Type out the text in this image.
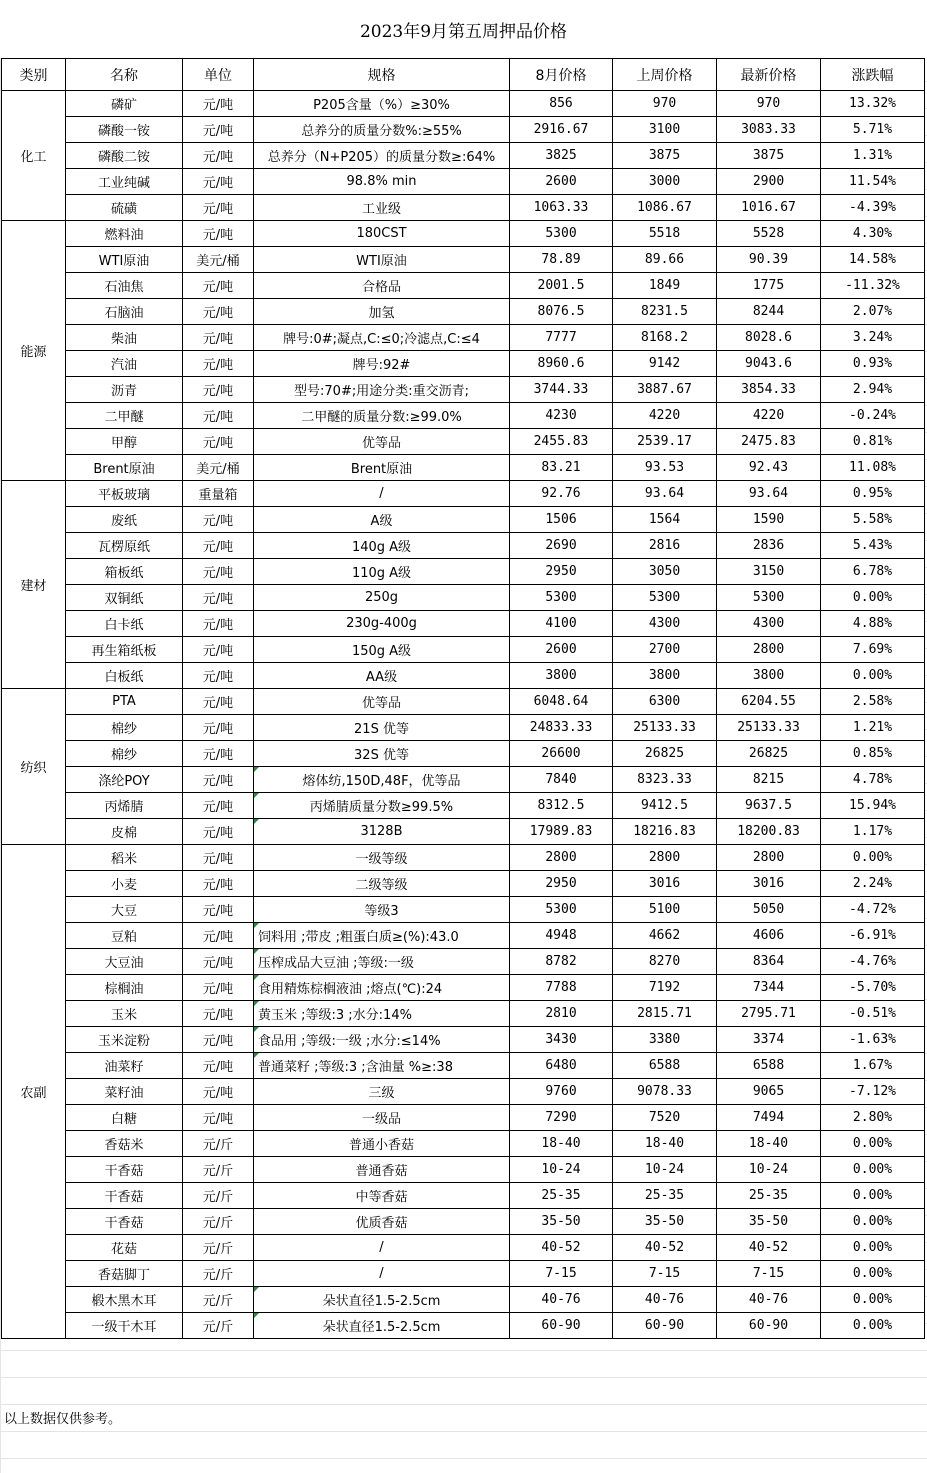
2023年9月第五周押品价格
类别	名称	单位	规格	8月价格	上周价格	最新价格	涨跌幅
化工	磷矿	元/吨	P205含量（%）≥30%	856	970	970	13.32%
	磷酸一铵	元/吨	总养分的质量分数%:≥55%	2916.67	3100	3083.33	5.71%
	磷酸二铵	元/吨	总养分（N+P205）的质量分数≥:64%	3825	3875	3875	1.31%
	工业纯碱	元/吨	98.8% min	2600	3000	2900	11.54%
	硫磺	元/吨	工业级	1063.33	1086.67	1016.67	-4.39%
能源	燃料油	元/吨	180CST	5300	5518	5528	4.30%
	WTI原油	美元/桶	WTI原油	78.89	89.66	90.39	14.58%
	石油焦	元/吨	合格品	2001.5	1849	1775	-11.32%
	石脑油	元/吨	加氢	8076.5	8231.5	8244	2.07%
	柴油	元/吨	牌号:0#;凝点,C:≤0;冷滤点,C:≤4	7777	8168.2	8028.6	3.24%
	汽油	元/吨	牌号:92#	8960.6	9142	9043.6	0.93%
	沥青	元/吨	型号:70#;用途分类:重交沥青;	3744.33	3887.67	3854.33	2.94%
	二甲醚	元/吨	二甲醚的质量分数:≥99.0%	4230	4220	4220	-0.24%
	甲醇	元/吨	优等品	2455.83	2539.17	2475.83	0.81%
	Brent原油	美元/桶	Brent原油	83.21	93.53	92.43	11.08%
建材	平板玻璃	重量箱	/	92.76	93.64	93.64	0.95%
	废纸	元/吨	A级	1506	1564	1590	5.58%
	瓦楞原纸	元/吨	140g A级	2690	2816	2836	5.43%
	箱板纸	元/吨	110g A级	2950	3050	3150	6.78%
	双铜纸	元/吨	250g	5300	5300	5300	0.00%
	白卡纸	元/吨	230g-400g	4100	4300	4300	4.88%
	再生箱纸板	元/吨	150g A级	2600	2700	2800	7.69%
	白板纸	元/吨	AA级	3800	3800	3800	0.00%
纺织	PTA	元/吨	优等品	6048.64	6300	6204.55	2.58%
	棉纱	元/吨	21S 优等	24833.33	25133.33	25133.33	1.21%
	棉纱	元/吨	32S 优等	26600	26825	26825	0.85%
	涤纶POY	元/吨	熔体纺,150D,48F，优等品	7840	8323.33	8215	4.78%
	丙烯腈	元/吨	丙烯腈质量分数≥99.5%	8312.5	9412.5	9637.5	15.94%
	皮棉	元/吨	3128B	17989.83	18216.83	18200.83	1.17%
农副	稻米	元/吨	一级等级	2800	2800	2800	0.00%
	小麦	元/吨	二级等级	2950	3016	3016	2.24%
	大豆	元/吨	等级3	5300	5100	5050	-4.72%
	豆粕	元/吨	饲料用 ;带皮 ;粗蛋白质≥(%):43.0	4948	4662	4606	-6.91%
	大豆油	元/吨	压榨成品大豆油 ;等级:一级	8782	8270	8364	-4.76%
	棕榈油	元/吨	食用精炼棕榈液油 ;熔点(℃):24	7788	7192	7344	-5.70%
	玉米	元/吨	黄玉米 ;等级:3 ;水分:14%	2810	2815.71	2795.71	-0.51%
	玉米淀粉	元/吨	食品用 ;等级:一级 ;水分:≤14%	3430	3380	3374	-1.63%
	油菜籽	元/吨	普通菜籽 ;等级:3 ;含油量 %≥:38	6480	6588	6588	1.67%
	菜籽油	元/吨	三级	9760	9078.33	9065	-7.12%
	白糖	元/吨	一级品	7290	7520	7494	2.80%
	香菇米	元/斤	普通小香菇	18-40	18-40	18-40	0.00%
	干香菇	元/斤	普通香菇	10-24	10-24	10-24	0.00%
	干香菇	元/斤	中等香菇	25-35	25-35	25-35	0.00%
	干香菇	元/斤	优质香菇	35-50	35-50	35-50	0.00%
	花菇	元/斤	/	40-52	40-52	40-52	0.00%
	香菇脚丁	元/斤	/	7-15	7-15	7-15	0.00%
	椴木黑木耳	元/斤	朵状直径1.5-2.5cm	40-76	40-76	40-76	0.00%
	一级干木耳	元/斤	朵状直径1.5-2.5cm	60-90	60-90	60-90	0.00%
以上数据仅供参考。
